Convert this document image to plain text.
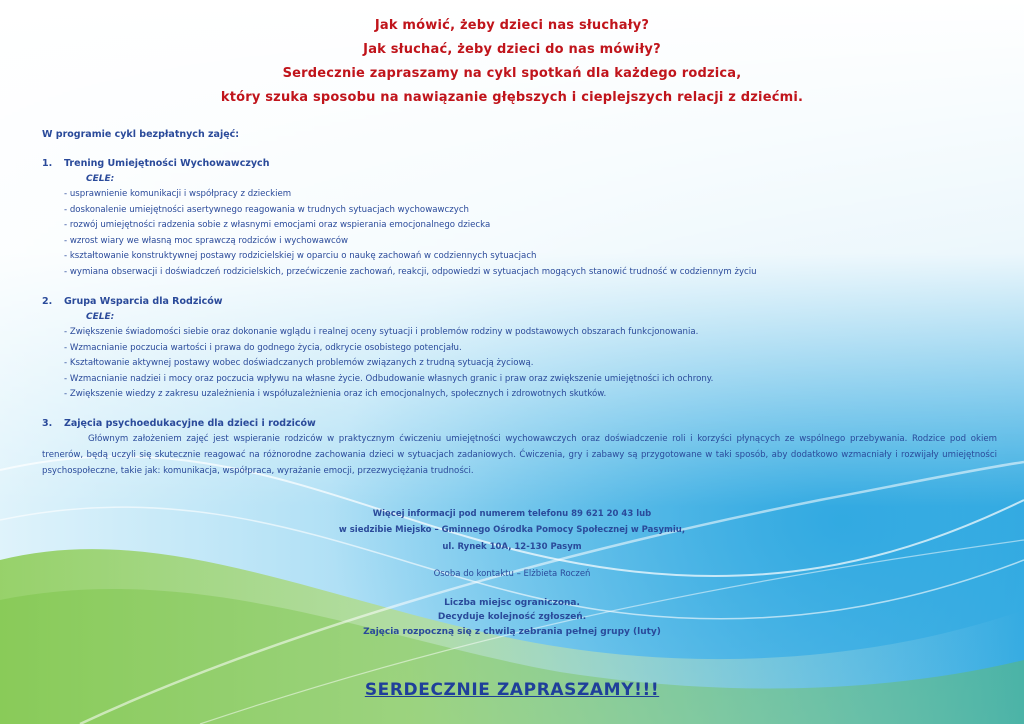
Jak mówić, żeby dzieci nas słuchały?
Jak słuchać, żeby dzieci do nas mówiły?
Serdecznie zapraszamy na cykl spotkań dla każdego rodzica,
który szuka sposobu na nawiązanie głębszych i cieplejszych relacji z dziećmi.
W programie cykl bezpłatnych zajęć:
1. Trening Umiejętności Wychowawczych
CELE:
- usprawnienie komunikacji i współpracy z dzieckiem
- doskonalenie umiejętności asertywnego reagowania w trudnych sytuacjach wychowawczych
- rozwój umiejętności radzenia sobie z własnymi emocjami oraz wspierania emocjonalnego dziecka
- wzrost wiary we własną moc sprawczą rodziców i wychowawców
- kształtowanie konstruktywnej postawy rodzicielskiej w oparciu o naukę zachowań w codziennych sytuacjach
- wymiana obserwacji i doświadczeń rodzicielskich, przećwiczenie zachowań, reakcji, odpowiedzi w sytuacjach mogących stanowić trudność w codziennym życiu
2. Grupa Wsparcia dla Rodziców
CELE:
- Zwiększenie świadomości siebie oraz dokonanie wglądu i realnej oceny sytuacji i problemów rodziny w podstawowych obszarach funkcjonowania.
- Wzmacnianie poczucia wartości i prawa do godnego życia, odkrycie osobistego potencjału.
- Kształtowanie aktywnej postawy wobec doświadczanych problemów związanych z trudną sytuacją życiową.
- Wzmacnianie nadziei i mocy oraz poczucia wpływu na własne życie. Odbudowanie własnych granic i praw oraz zwiększenie umiejętności ich ochrony.
- Zwiększenie wiedzy z zakresu uzależnienia i współuzależnienia oraz ich emocjonalnych, społecznych i zdrowotnych skutków.
3. Zajęcia psychoedukacyjne dla dzieci i rodziców

Głównym założeniem zajęć jest wspieranie rodziców w praktycznym ćwiczeniu umiejętności wychowawczych oraz doświadczenie roli i korzyści płynących ze wspólnego przebywania. Rodzice pod okiem trenerów, będą uczyli się skutecznie reagować na różnorodne zachowania dzieci w sytuacjach zadaniowych. Ćwiczenia, gry i zabawy są przygotowane w taki sposób, aby dodatkowo wzmacniały i rozwijały umiejętności psychospołeczne, takie jak: komunikacja, współpraca, wyrażanie emocji, przezwyciężania trudności.

Więcej informacji pod numerem telefonu 89 621 20 43 lub
w siedzibie Miejsko – Gminnego Ośrodka Pomocy Społecznej w Pasymiu,
ul. Rynek 10A, 12-130 Pasym
Osoba do kontaktu – Elżbieta Roczeń
Liczba miejsc ograniczona.
Decyduje kolejność zgłoszeń.
Zajęcia rozpoczną się z chwilą zebrania pełnej grupy (luty)
SERDECZNIE ZAPRASZAMY!!!
